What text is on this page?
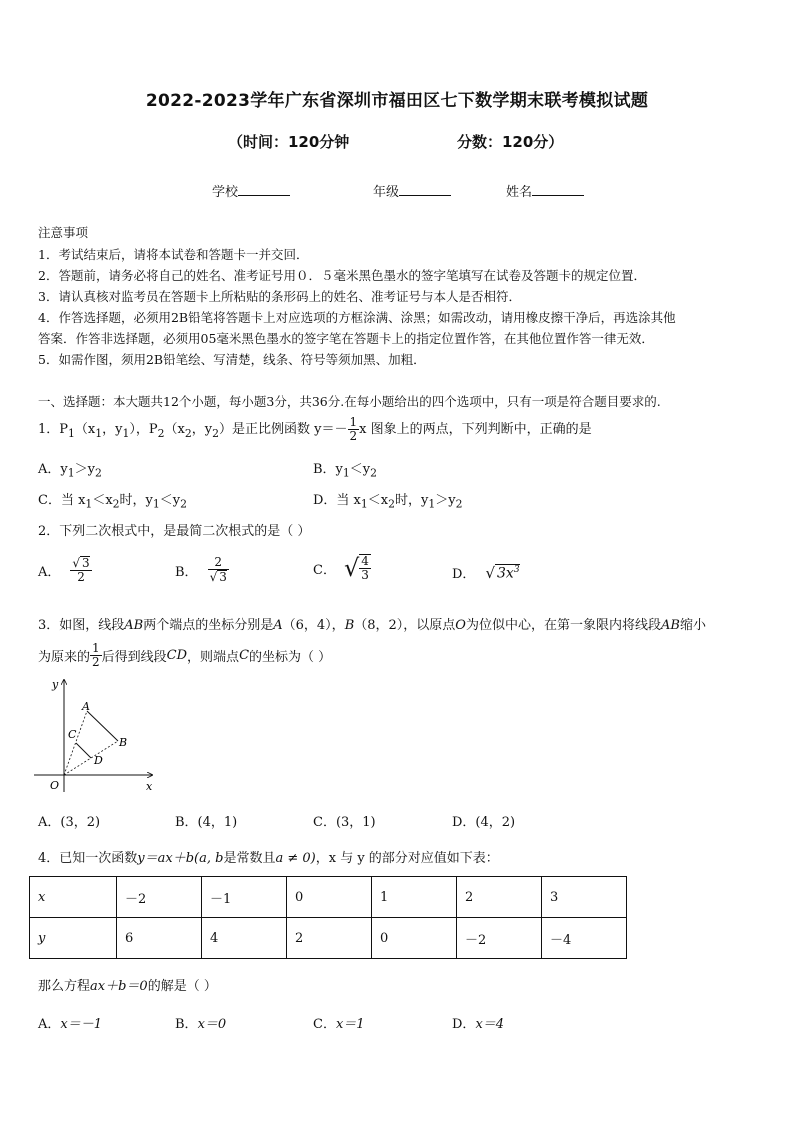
2022-2023学年广东省深圳市福田区七下数学期末联考模拟试题
（时间：120分钟	分数：120分）
学校	年级	姓名
注意事项
1．考试结束后，请将本试卷和答题卡一并交回．
2．答题前，请务必将自己的姓名、准考证号用０．５毫米黑色墨水的签字笔填写在试卷及答题卡的规定位置．
3．请认真核对监考员在答题卡上所粘贴的条形码上的姓名、准考证号与本人是否相符．
4．作答选择题，必须用2B铅笔将答题卡上对应选项的方框涂满、涂黑；如需改动，请用橡皮擦干净后，再选涂其他
答案．作答非选择题，必须用05毫米黑色墨水的签字笔在答题卡上的指定位置作答，在其他位置作答一律无效．
5．如需作图，须用2B铅笔绘、写清楚，线条、符号等须加黑、加粗．
一、选择题：本大题共12个小题，每小题3分，共36分.在每小题给出的四个选项中，只有一项是符合题目要求的.
1．$P_1(x_1$，$y_1$），$P_2(x_2$，$y_2$）是正比例函数 $y=- \frac{1}{2}$ x 图象上的两点，下列判断中，正确的是
A．$y_1>y_2$	B．$y_1<y_2$
C．当 $x_1<x_2$时，$y_1<y_2$	D．当 $x_1<x_2$时，$y_1>y_2$
2．下列二次根式中，是最简二次根式的是（ ）
A． $\frac{√ 3}{2}$	B． $\frac{2}{√ 3}$	C． √ $\frac{4}{3}$	D． √ $3x^3$
3．如图，线段AB两个端点的坐标分别是A（6，4），B（8，2），以原点O为位似中心，在第一象限内将线段AB缩小
为原来的 $\frac{1}{2}$ 后得到线段 CD ，则端点 C 的坐标为（ ）
y
x
O
A
B
C
D
A．(3，2)	B．(4，1)	C．(3，1)	D．(4，2)
4．已知一次函数y＝ax＋b(a, b是常数且a ≠ 0)，x 与 y 的部分对应值如下表：
x	－2	－1	0	1	2	3
y	6	4	2	0	－2	－4
那么方程ax＋b＝0的解是（ ）
A．x＝－1	B．x＝0	C．x＝1	D．x＝4
